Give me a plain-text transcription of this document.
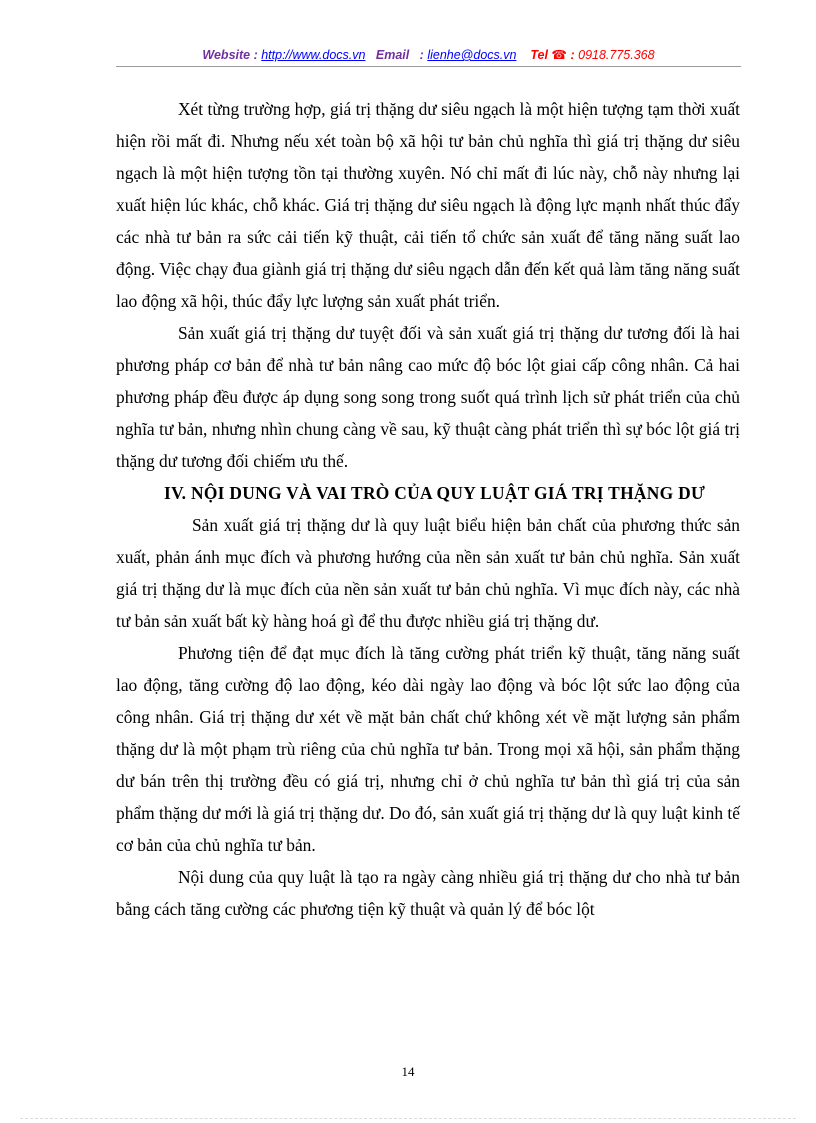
Website : http://www.docs.vn Email : lienhe@docs.vn Tel ☎ : 0918.775.368

Xét từng trường hợp, giá trị thặng dư siêu ngạch là một hiện tượng tạm thời xuất hiện rồi mất đi. Nhưng nếu xét toàn bộ xã hội tư bản chủ nghĩa thì giá trị thặng dư siêu ngạch là một hiện tượng tồn tại thường xuyên. Nó chỉ mất đi lúc này, chỗ này nhưng lại xuất hiện lúc khác, chỗ khác. Giá trị thặng dư siêu ngạch là động lực mạnh nhất thúc đẩy các nhà tư bản ra sức cải tiến kỹ thuật, cải tiến tổ chức sản xuất để tăng năng suất lao động. Việc chạy đua giành giá trị thặng dư siêu ngạch dẫn đến kết quả làm tăng năng suất lao động xã hội, thúc đẩy lực lượng sản xuất phát triển.

Sản xuất giá trị thặng dư tuyệt đối và sản xuất giá trị thặng dư tương đối là hai phương pháp cơ bản để nhà tư bản nâng cao mức độ bóc lột giai cấp công nhân. Cả hai phương pháp đều được áp dụng song song trong suốt quá trình lịch sử phát triển của chủ nghĩa tư bản, nhưng nhìn chung càng về sau, kỹ thuật càng phát triển thì sự bóc lột giá trị thặng dư tương đối chiếm ưu thế.

IV. NỘI DUNG VÀ VAI TRÒ CỦA QUY LUẬT GIÁ TRỊ THẶNG DƯ

Sản xuất giá trị thặng dư là quy luật biểu hiện bản chất của phương thức sản xuất, phản ánh mục đích và phương hướng của nền sản xuất tư bản chủ nghĩa. Sản xuất giá trị thặng dư là mục đích của nền sản xuất tư bản chủ nghĩa. Vì mục đích này, các nhà tư bản sản xuất bất kỳ hàng hoá gì để thu được nhiều giá trị thặng dư.

Phương tiện để đạt mục đích là tăng cường phát triển kỹ thuật, tăng năng suất lao động, tăng cường độ lao động, kéo dài ngày lao động và bóc lột sức lao động của công nhân. Giá trị thặng dư xét về mặt bản chất chứ không xét về mặt lượng sản phẩm thặng dư là một phạm trù riêng của chủ nghĩa tư bản. Trong mọi xã hội, sản phẩm thặng dư bán trên thị trường đều có giá trị, nhưng chỉ ở chủ nghĩa tư bản thì giá trị của sản phẩm thặng dư mới là giá trị thặng dư. Do đó, sản xuất giá trị thặng dư là quy luật kinh tế cơ bản của chủ nghĩa tư bản.

Nội dung của quy luật là tạo ra ngày càng nhiều giá trị thặng dư cho nhà tư bản bằng cách tăng cường các phương tiện kỹ thuật và quản lý để bóc lột

14
